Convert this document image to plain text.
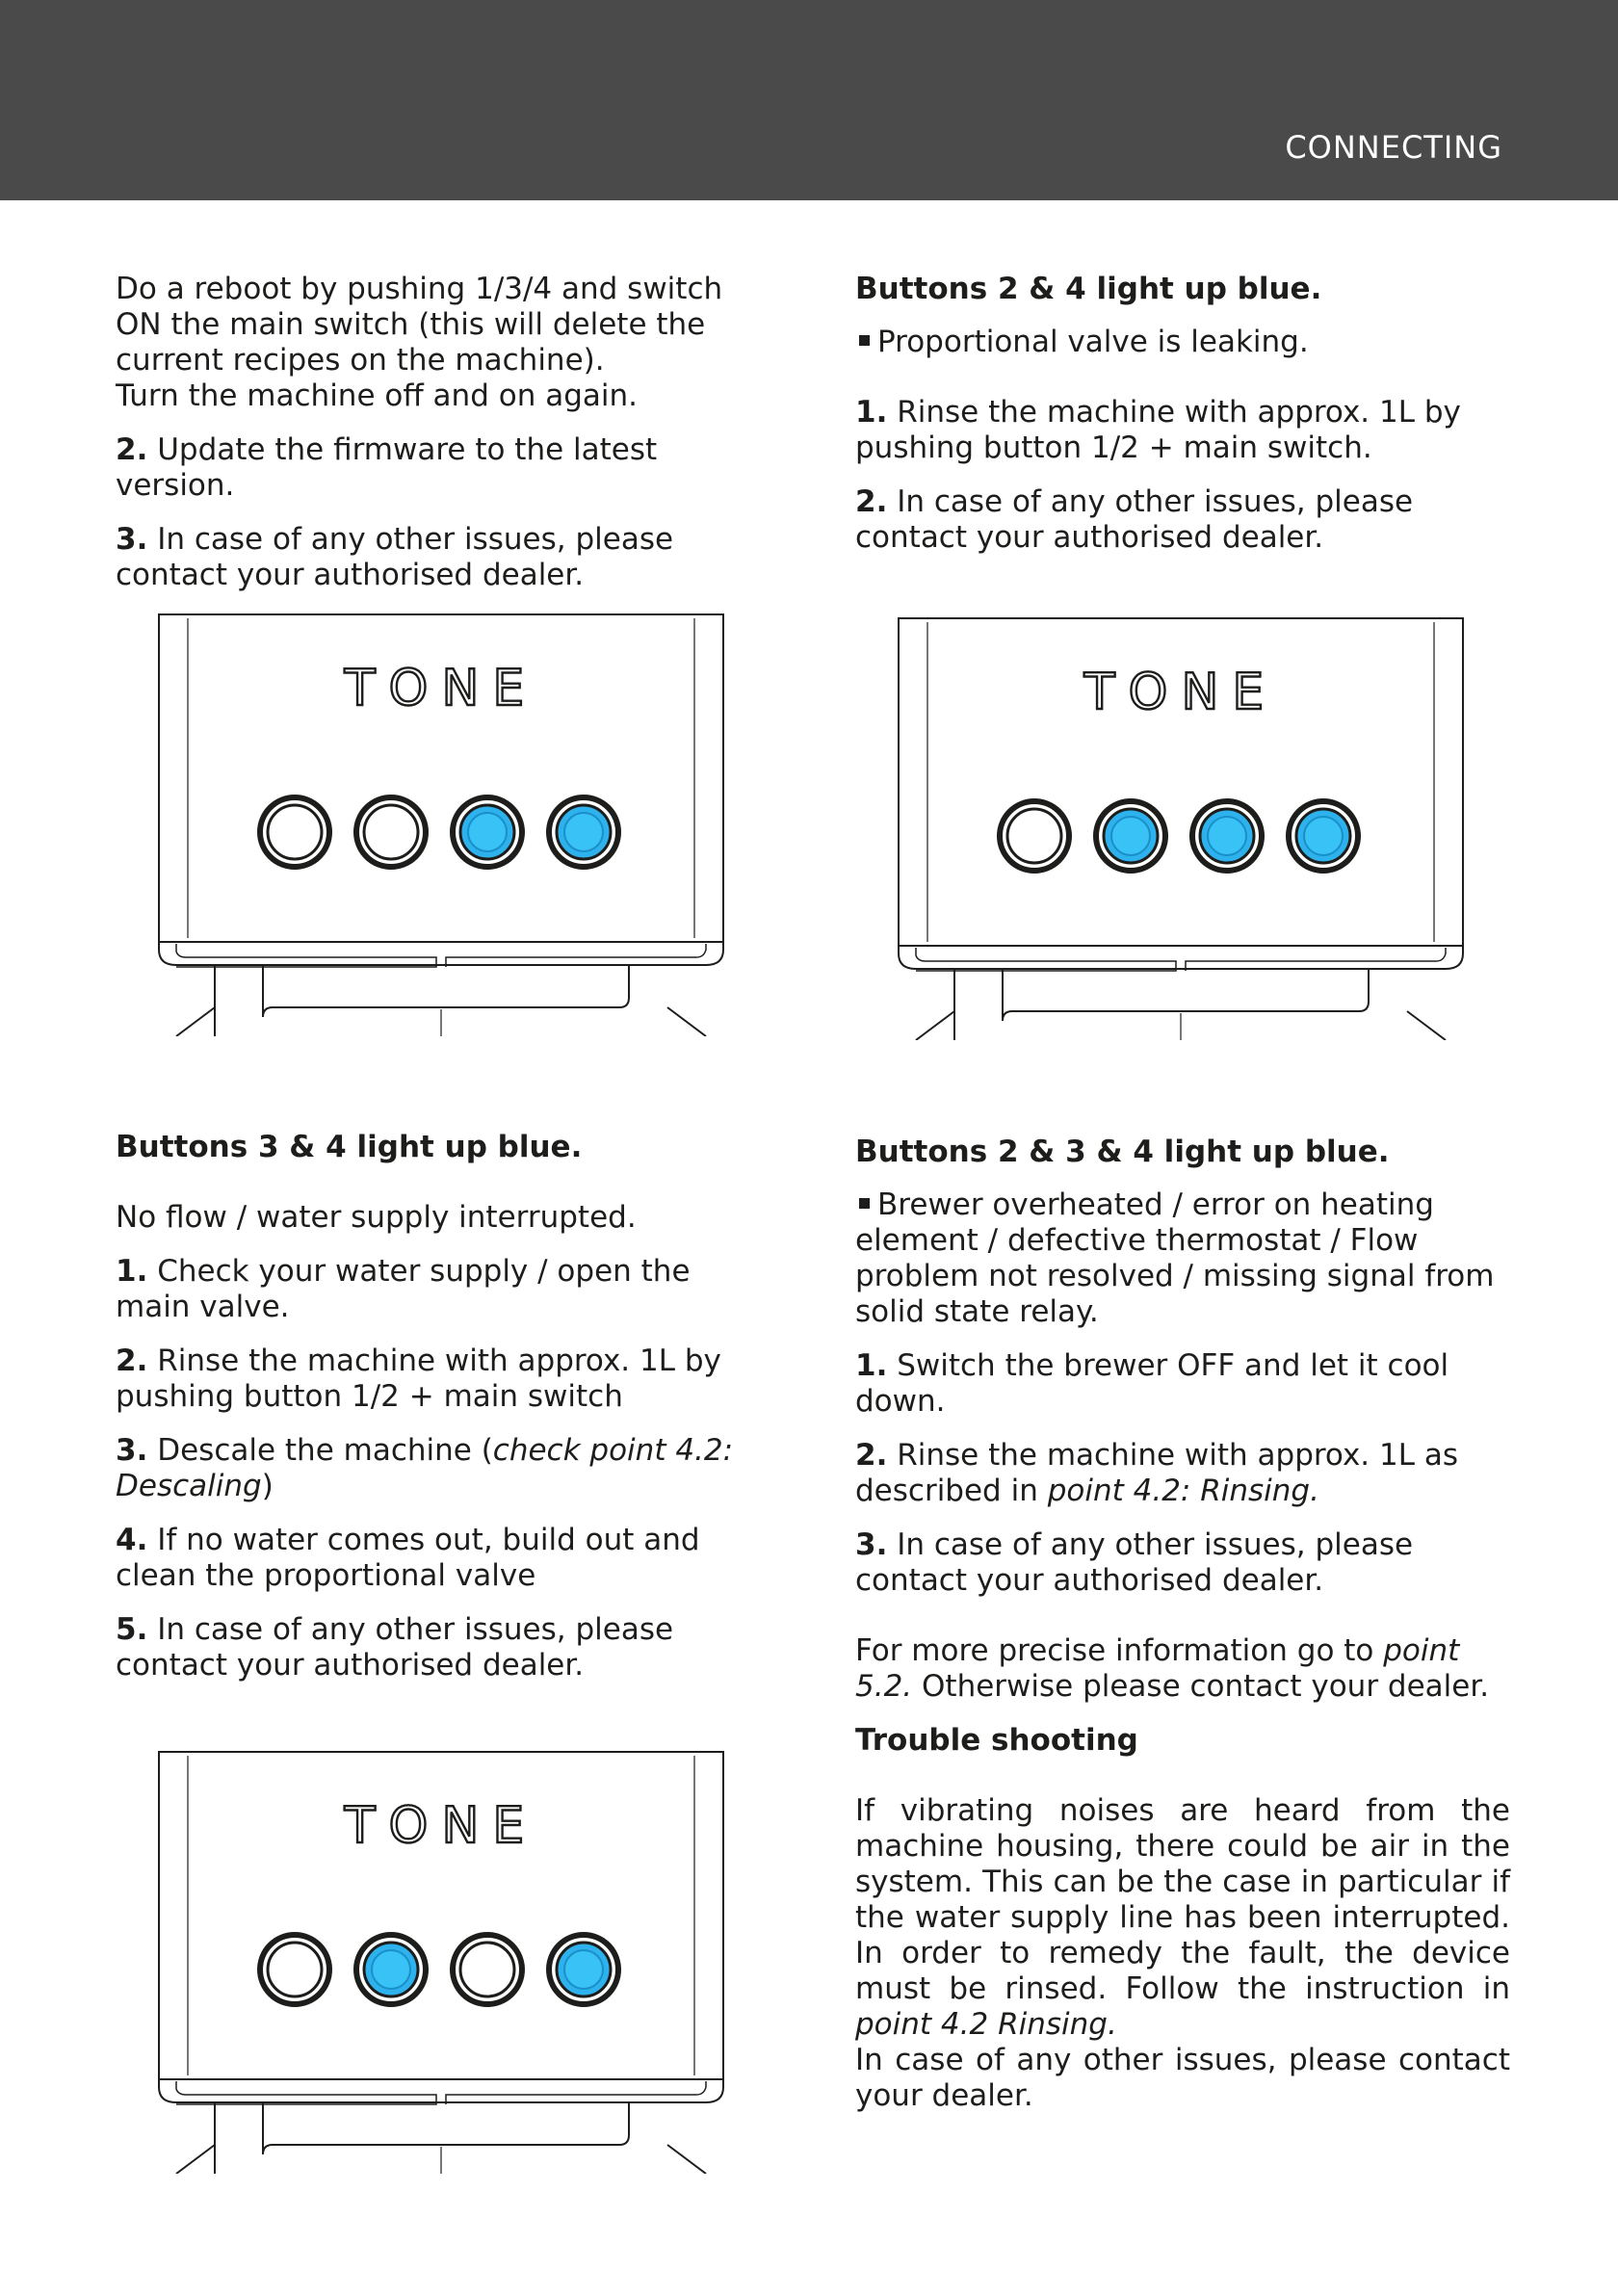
CONNECTING

Do a reboot by pushing 1/3/4 and switch ON the main switch (this will delete the current recipes on the machine).

Turn the machine off and on again.

2. Update the firmware to the latest version.

3. In case of any other issues, please contact your authorised dealer.

Buttons 2 & 4 light up blue.

Proportional valve is leaking.

1. Rinse the machine with approx. 1L by pushing button 1/2 + main switch.

2. In case of any other issues, please contact your authorised dealer.

Buttons 3 & 4 light up blue.

No flow / water supply interrupted.

1. Check your water supply / open the main valve.

2. Rinse the machine with approx. 1L by pushing button 1/2 + main switch

3. Descale the machine (check point 4.2: Descaling)

4. If no water comes out, build out and clean the proportional valve

5. In case of any other issues, please contact your authorised dealer.

Buttons 2 & 3 & 4 light up blue.

Brewer overheated / error on heating element / defective thermostat / Flow problem not resolved / missing signal from solid state relay.

1. Switch the brewer OFF and let it cool down.

2. Rinse the machine with approx. 1L as described in point 4.2: Rinsing.

3. In case of any other issues, please contact your authorised dealer.

For more precise information go to point 5.2. Otherwise please contact your dealer.

Trouble shooting

If vibrating noises are heard from the machine housing, there could be air in the system. This can be the case in particular if the water supply line has been interrupted. In order to remedy the fault, the device must be rinsed. Follow the instruction in point 4.2 Rinsing.

In case of any other issues, please contact your dealer.

TONE	TONE
TONE
